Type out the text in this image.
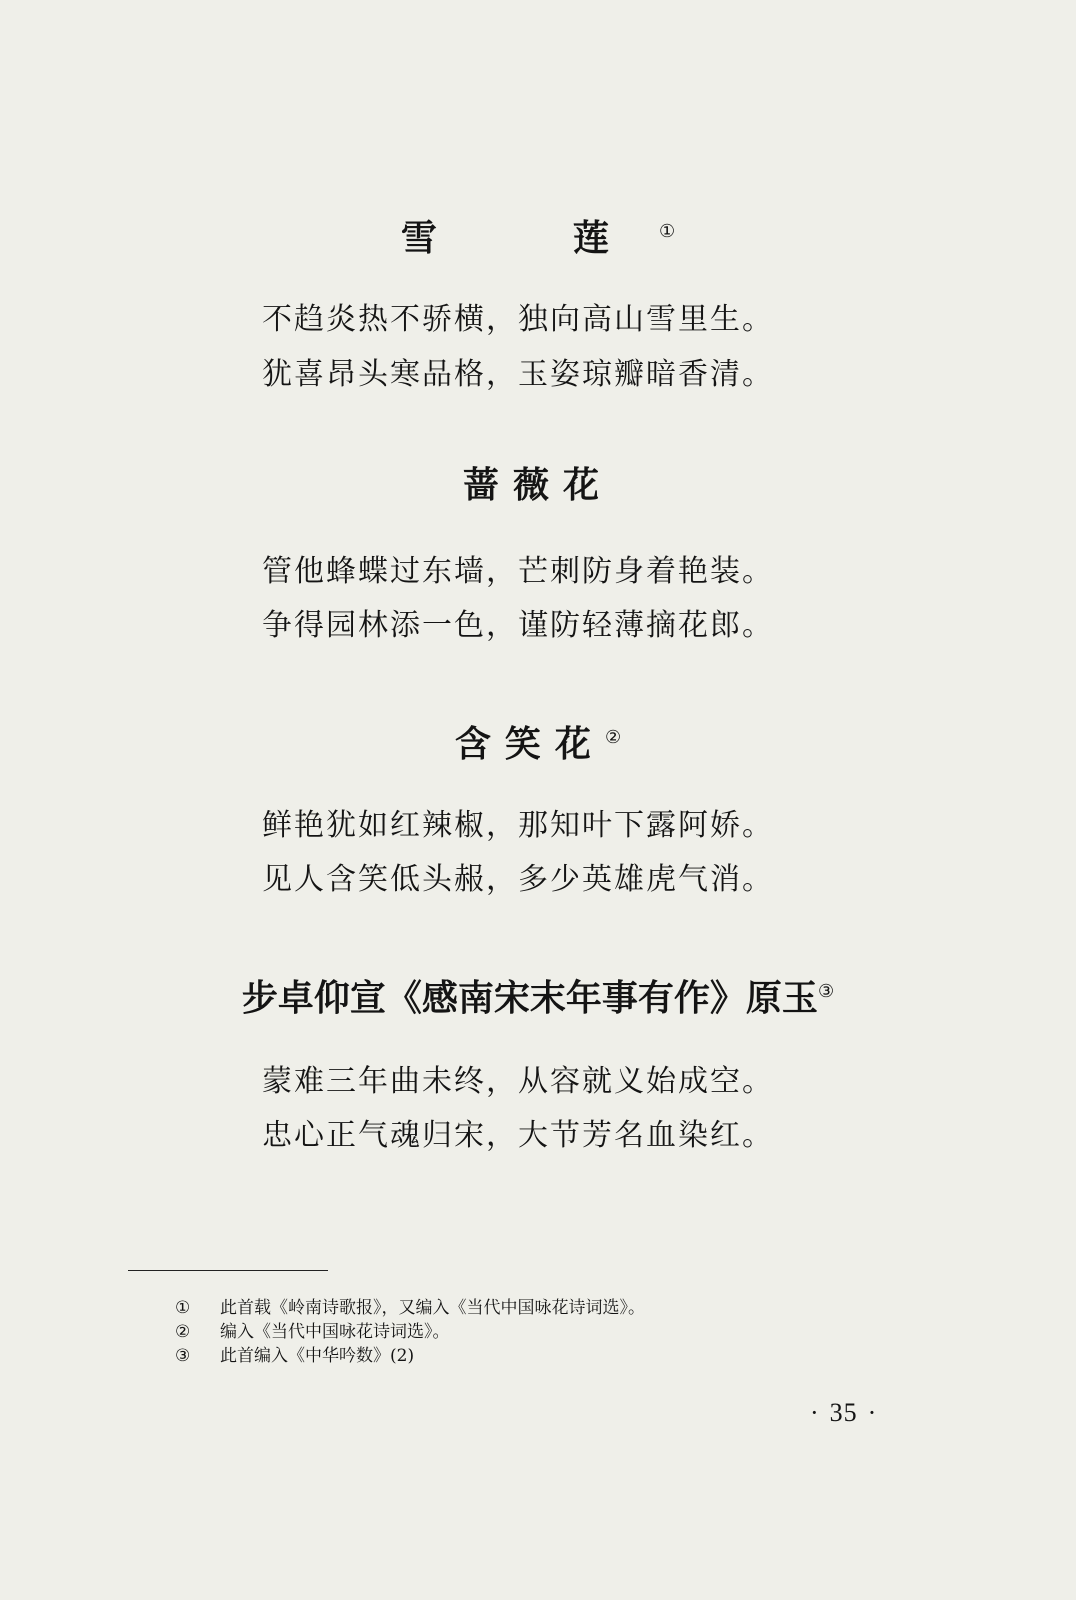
雪　莲①

不趋炎热不骄横，独向高山雪里生。

犹喜昂头寒品格，玉姿琼瓣暗香清。

蔷薇花

管他蜂蝶过东墙，芒刺防身着艳装。

争得园林添一色，谨防轻薄摘花郎。

含笑花②

鲜艳犹如红辣椒，那知叶下露阿娇。

见人含笑低头赧，多少英雄虎气消。

步卓仰宣《感南宋末年事有作》原玉③

蒙难三年曲未终，从容就义始成空。

忠心正气魂归宋，大节芳名血染红。

①	此首载《岭南诗歌报》，又编入《当代中国咏花诗词选》。
②	编入《当代中国咏花诗词选》。
③	此首编入《中华吟数》(2)
· 35 ·
